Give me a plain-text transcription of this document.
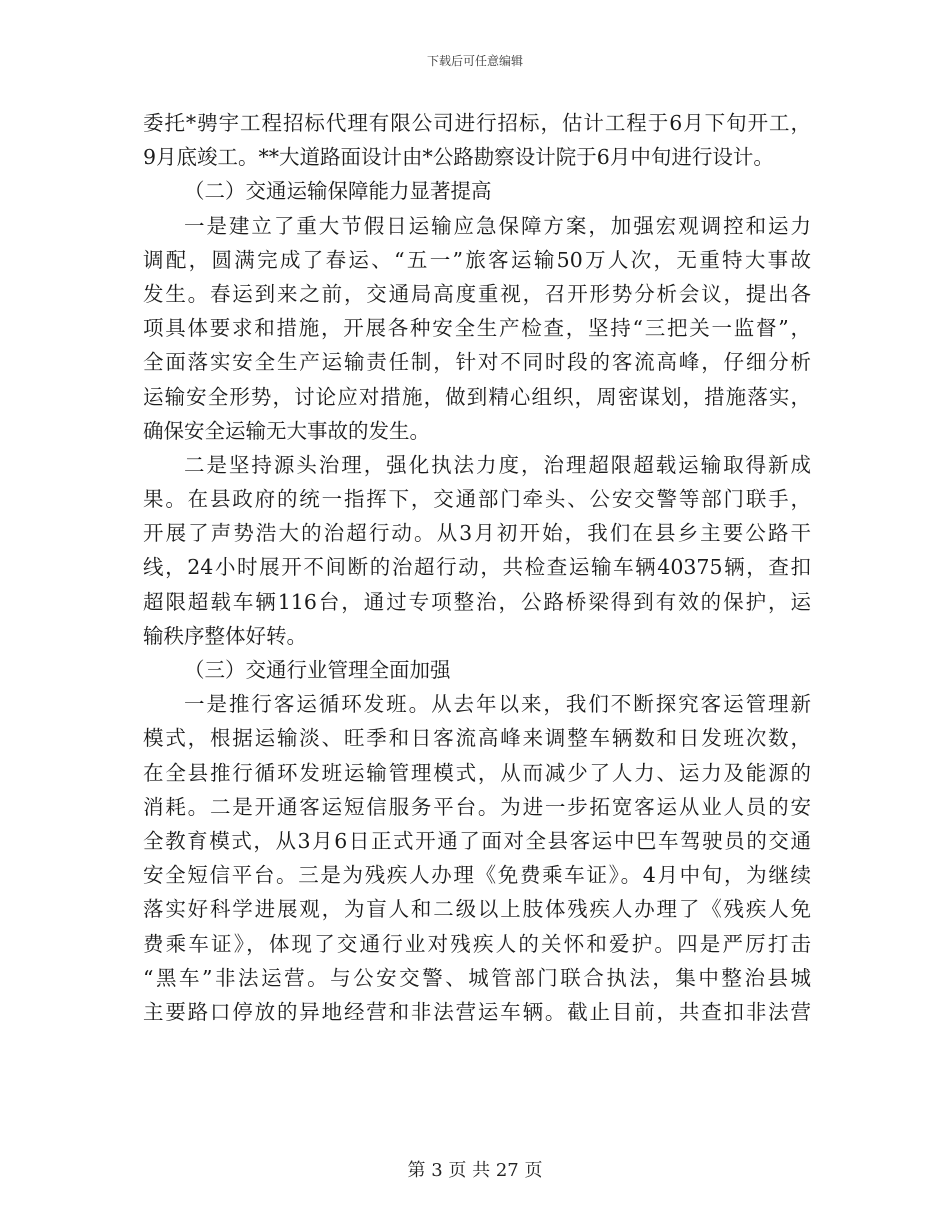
下载后可任意编辑
委托*骋宇工程招标代理有限公司进行招标，估计工程于6月下旬开工，
9月底竣工。**大道路面设计由*公路勘察设计院于6月中旬进行设计。
（二）交通运输保障能力显著提高
一是建立了重大节假日运输应急保障方案，加强宏观调控和运力
调配，圆满完成了春运、“五一”旅客运输50万人次，无重特大事故
发生。春运到来之前，交通局高度重视，召开形势分析会议，提出各
项具体要求和措施，开展各种安全生产检查，坚持“三把关一监督”，
全面落实安全生产运输责任制，针对不同时段的客流高峰，仔细分析
运输安全形势，讨论应对措施，做到精心组织，周密谋划，措施落实，
确保安全运输无大事故的发生。
二是坚持源头治理，强化执法力度，治理超限超载运输取得新成
果。在县政府的统一指挥下，交通部门牵头、公安交警等部门联手，
开展了声势浩大的治超行动。从3月初开始，我们在县乡主要公路干
线，24小时展开不间断的治超行动，共检查运输车辆40375辆，查扣
超限超载车辆116台，通过专项整治，公路桥梁得到有效的保护，运
输秩序整体好转。
（三）交通行业管理全面加强
一是推行客运循环发班。从去年以来，我们不断探究客运管理新
模式，根据运输淡、旺季和日客流高峰来调整车辆数和日发班次数，
在全县推行循环发班运输管理模式，从而减少了人力、运力及能源的
消耗。二是开通客运短信服务平台。为进一步拓宽客运从业人员的安
全教育模式，从3月6日正式开通了面对全县客运中巴车驾驶员的交通
安全短信平台。三是为残疾人办理《免费乘车证》。4月中旬，为继续
落实好科学进展观，为盲人和二级以上肢体残疾人办理了《残疾人免
费乘车证》，体现了交通行业对残疾人的关怀和爱护。四是严厉打击
“黑车”非法运营。与公安交警、城管部门联合执法，集中整治县城
主要路口停放的异地经营和非法营运车辆。截止目前，共查扣非法营
第 3 页 共 27 页
